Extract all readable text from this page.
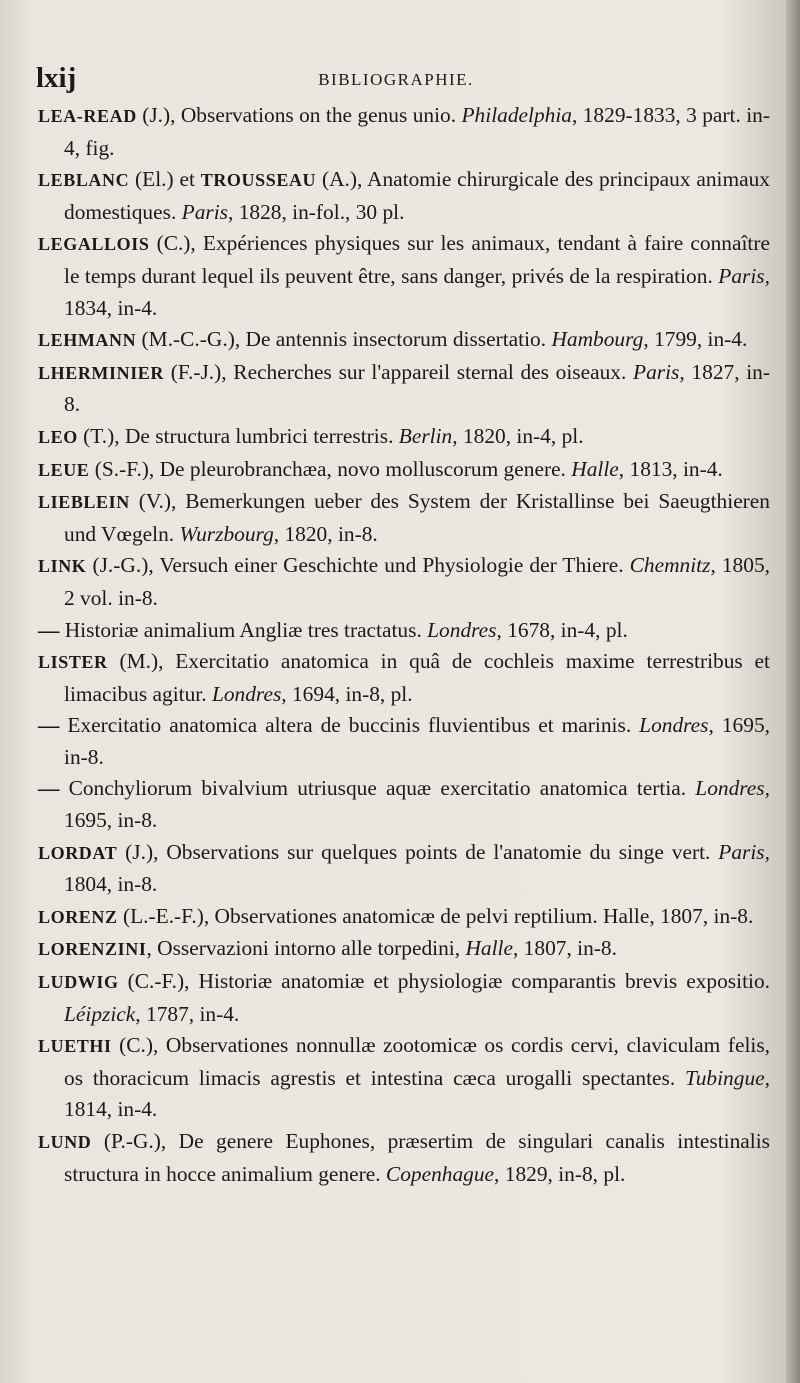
lxij	BIBLIOGRAPHIE.

LEA-READ (J.), Observations on the genus unio. Philadelphia, 1829-1833, 3 part. in-4, fig.

LEBLANC (El.) et TROUSSEAU (A.), Anatomie chirurgicale des principaux animaux domestiques. Paris, 1828, in-fol., 30 pl.

LEGALLOIS (C.), Expériences physiques sur les animaux, tendant à faire connaître le temps durant lequel ils peuvent être, sans danger, privés de la respiration. Paris, 1834, in-4.

LEHMANN (M.-C.-G.), De antennis insectorum dissertatio. Hambourg, 1799, in-4.

LHERMINIER (F.-J.), Recherches sur l'appareil sternal des oiseaux. Paris, 1827, in-8.

LEO (T.), De structura lumbrici terrestris. Berlin, 1820, in-4, pl.

LEUE (S.-F.), De pleurobranchæa, novo molluscorum genere. Halle, 1813, in-4.

LIEBLEIN (V.), Bemerkungen ueber des System der Kristallinse bei Saeugthieren und Vœgeln. Wurzbourg, 1820, in-8.

LINK (J.-G.), Versuch einer Geschichte und Physiologie der Thiere. Chemnitz, 1805, 2 vol. in-8.

— Historiæ animalium Angliæ tres tractatus. Londres, 1678, in-4, pl.

LISTER (M.), Exercitatio anatomica in quâ de cochleis maxime terrestribus et limacibus agitur. Londres, 1694, in-8, pl.

— Exercitatio anatomica altera de buccinis fluvientibus et marinis. Londres, 1695, in-8.

— Conchyliorum bivalvium utriusque aquæ exercitatio anatomica tertia. Londres, 1695, in-8.

LORDAT (J.), Observations sur quelques points de l'anatomie du singe vert. Paris, 1804, in-8.

LORENZ (L.-E.-F.), Observationes anatomicæ de pelvi reptilium. Halle, 1807, in-8.

LORENZINI, Osservazioni intorno alle torpedini, Halle, 1807, in-8.

LUDWIG (C.-F.), Historiæ anatomiæ et physiologiæ comparantis brevis expositio. Léipzick, 1787, in-4.

LUETHI (C.), Observationes nonnullæ zootomicæ os cordis cervi, claviculam felis, os thoracicum limacis agrestis et intestina cæca urogalli spectantes. Tubingue, 1814, in-4.

LUND (P.-G.), De genere Euphones, præsertim de singulari canalis intestinalis structura in hocce animalium genere. Copenhague, 1829, in-8, pl.
